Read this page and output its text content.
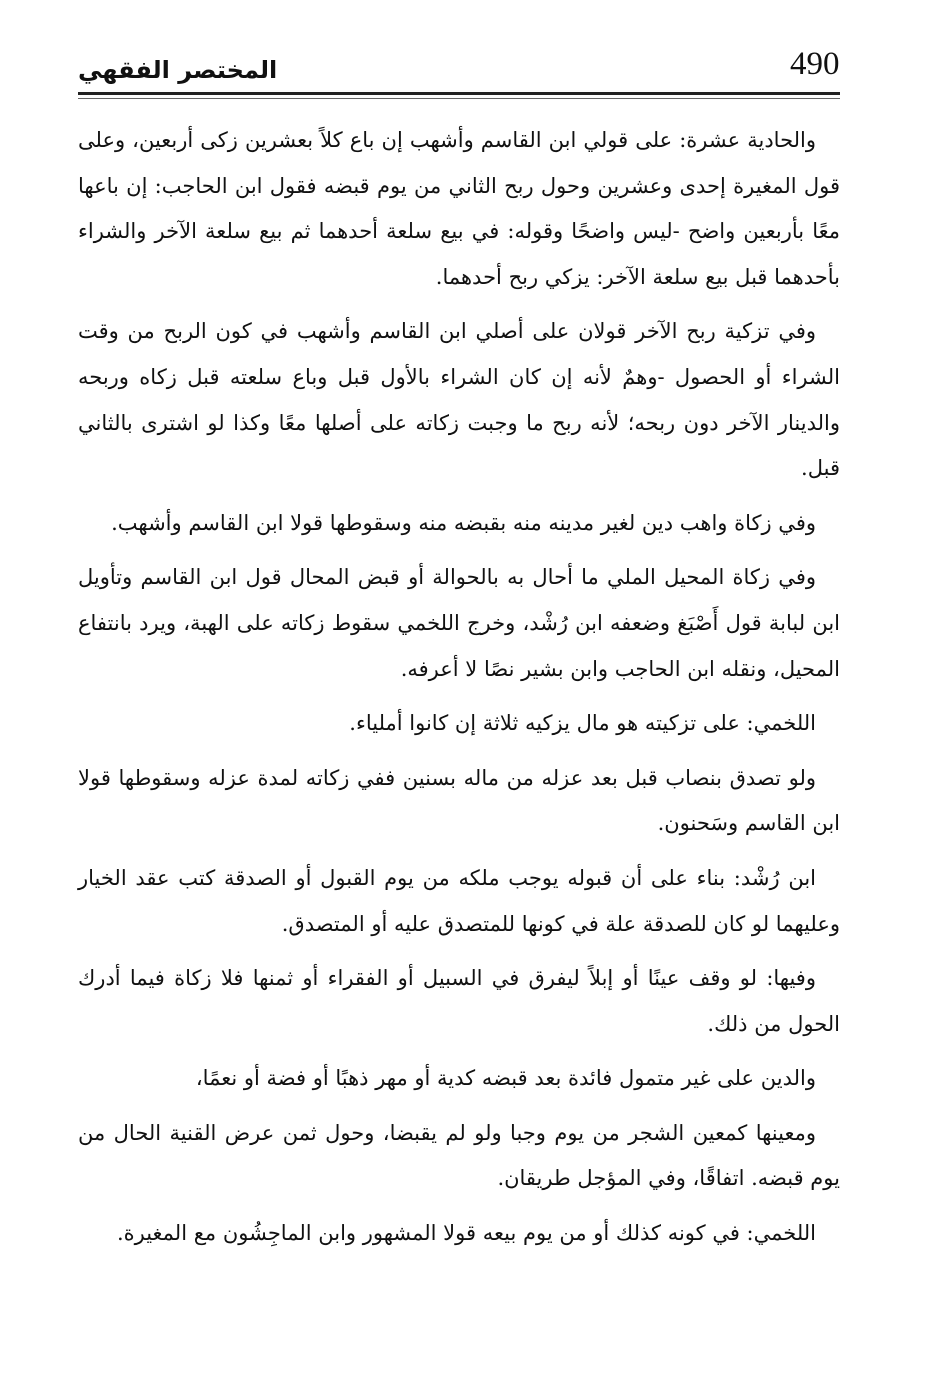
490
المختصر الفقهي

والحادية عشرة: على قولي ابن القاسم وأشهب إن باع كلاً بعشرين زكى أربعين، وعلى قول المغيرة إحدى وعشرين وحول ربح الثاني من يوم قبضه فقول ابن الحاجب: إن باعها معًا بأربعين واضح -ليس واضحًا وقوله: في بيع سلعة أحدهما ثم بيع سلعة الآخر والشراء بأحدهما قبل بيع سلعة الآخر: يزكي ربح أحدهما.

وفي تزكية ربح الآخر قولان على أصلي ابن القاسم وأشهب في كون الربح من وقت الشراء أو الحصول -وهمٌ لأنه إن كان الشراء بالأول قبل وباع سلعته قبل زكاه وربحه والدينار الآخر دون ربحه؛ لأنه ربح ما وجبت زكاته على أصلها معًا وكذا لو اشترى بالثاني قبل.

وفي زكاة واهب دين لغير مدينه منه بقبضه منه وسقوطها قولا ابن القاسم وأشهب.

وفي زكاة المحيل الملي ما أحال به بالحوالة أو قبض المحال قول ابن القاسم وتأويل ابن لبابة قول أَصْبَغ وضعفه ابن رُشْد، وخرج اللخمي سقوط زكاته على الهبة، ويرد بانتفاع المحيل، ونقله ابن الحاجب وابن بشير نصًا لا أعرفه.

اللخمي: على تزكيته هو مال يزكيه ثلاثة إن كانوا أملياء.

ولو تصدق بنصاب قبل بعد عزله من ماله بسنين ففي زكاته لمدة عزله وسقوطها قولا ابن القاسم وسَحنون.

ابن رُشْد: بناء على أن قبوله يوجب ملكه من يوم القبول أو الصدقة كتب عقد الخيار وعليهما لو كان للصدقة علة في كونها للمتصدق عليه أو المتصدق.

وفيها: لو وقف عينًا أو إبلاً ليفرق في السبيل أو الفقراء أو ثمنها فلا زكاة فيما أدرك الحول من ذلك.

والدين على غير متمول فائدة بعد قبضه كدية أو مهر ذهبًا أو فضة أو نعمًا،

ومعينها كمعين الشجر من يوم وجبا ولو لم يقبضا، وحول ثمن عرض القنية الحال من يوم قبضه. اتفاقًا، وفي المؤجل طريقان.

اللخمي: في كونه كذلك أو من يوم بيعه قولا المشهور وابن الماجِشُون مع المغيرة.
